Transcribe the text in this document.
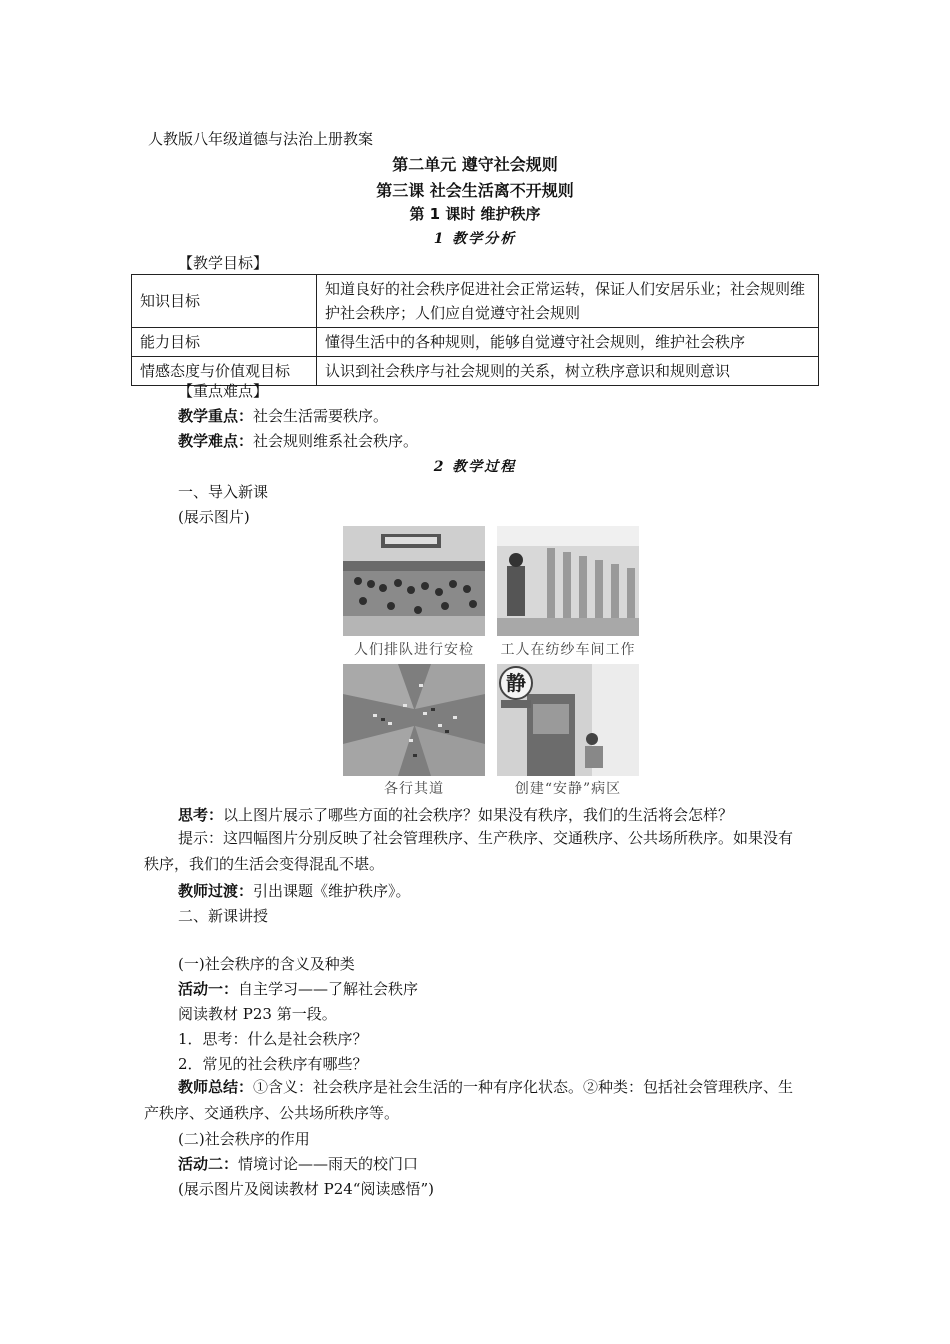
人教版八年级道德与法治上册教案
第二单元 遵守社会规则
第三课 社会生活离不开规则
第 1 课时 维护秩序
1 教学分析
【教学目标】
知识目标	知道良好的社会秩序促进社会正常运转，保证人们安居乐业；社会规则维护社会秩序；人们应自觉遵守社会规则
能力目标	懂得生活中的各种规则，能够自觉遵守社会规则，维护社会秩序
情感态度与价值观目标	认识到社会秩序与社会规则的关系，树立秩序意识和规则意识
【重点难点】
教学重点：社会生活需要秩序。
教学难点：社会规则维系社会秩序。
2 教学过程
一、导入新课
(展示图片)
人们排队进行安检	工人在纺纱车间工作
静
各行其道	创建“安静”病区
思考：以上图片展示了哪些方面的社会秩序？如果没有秩序，我们的生活将会怎样？
提示：这四幅图片分别反映了社会管理秩序、生产秩序、交通秩序、公共场所秩序。如果没有秩序，我们的生活会变得混乱不堪。
教师过渡：引出课题《维护秩序》。
二、新课讲授
(一)社会秩序的含义及种类
活动一：自主学习——了解社会秩序
阅读教材 P23 第一段。
1．思考：什么是社会秩序？
2．常见的社会秩序有哪些？
教师总结：①含义：社会秩序是社会生活的一种有序化状态。②种类：包括社会管理秩序、生产秩序、交通秩序、公共场所秩序等。
(二)社会秩序的作用
活动二：情境讨论——雨天的校门口
(展示图片及阅读教材 P24“阅读感悟”)
